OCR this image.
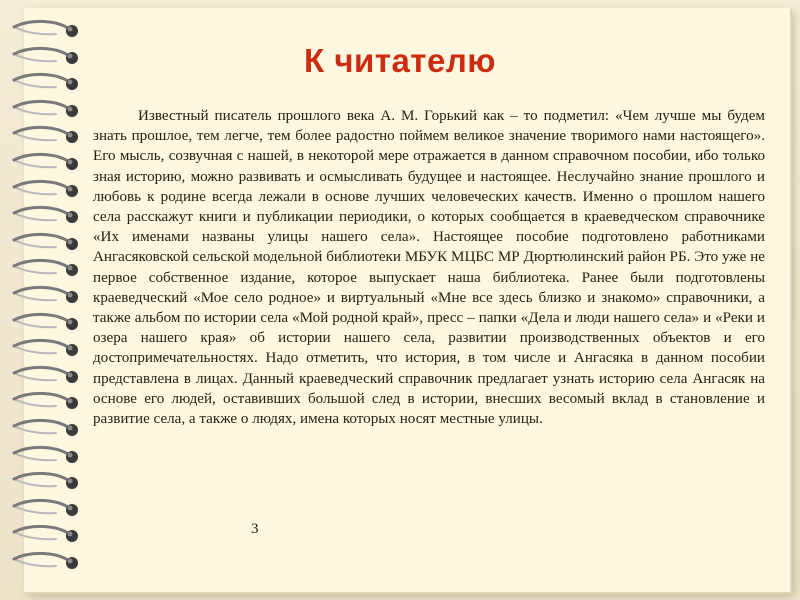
К читателю

Известный писатель прошлого века А. М. Горький как – то подметил: «Чем лучше мы будем знать прошлое, тем легче, тем более радостно поймем великое значение творимого нами настоящего». Его мысль, созвучная с нашей, в некоторой мере отражается в данном справочном пособии, ибо только зная историю, можно развивать и осмысливать будущее и настоящее. Неслучайно знание прошлого и любовь к родине всегда лежали в основе лучших человеческих качеств. Именно о прошлом нашего села расскажут книги и публикации периодики, о которых сообщается в краеведческом справочнике «Их именами названы улицы нашего села». Настоящее пособие подготовлено работниками Ангасяковской сельской модельной библиотеки МБУК МЦБС МР Дюртюлинский район РБ. Это уже не первое собственное издание, которое выпускает наша библиотека. Ранее были подготовлены краеведческий «Мое село родное» и виртуальный «Мне все здесь близко и знакомо» справочники, а также альбом по истории села «Мой родной край», пресс – папки «Дела и люди нашего села» и «Реки и озера нашего края» об истории нашего села, развитии производственных объектов и его достопримечательностях. Надо отметить, что история, в том числе и Ангасяка в данном пособии представлена в лицах. Данный краеведческий справочник предлагает узнать историю села Ангасяк на основе его людей, оставивших большой след в истории, внесших весомый вклад в становление и развитие села, а также о людях, имена которых носят местные улицы.

3
